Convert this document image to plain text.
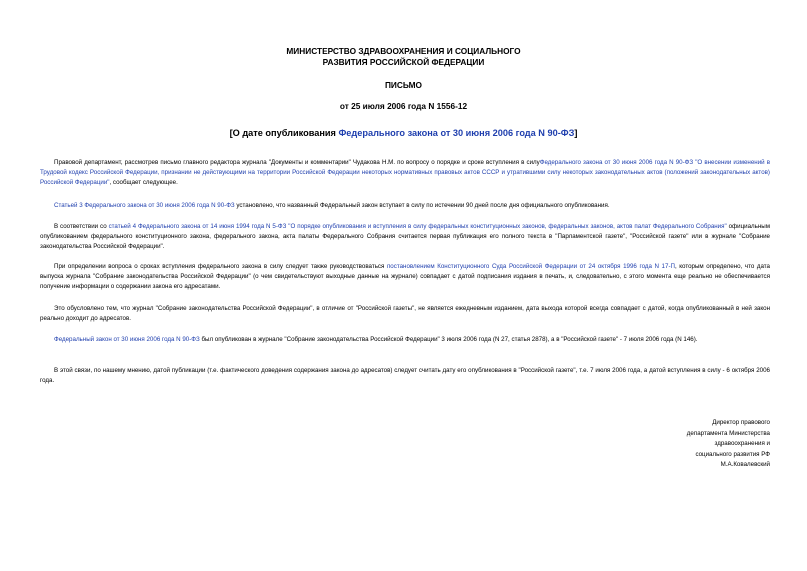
МИНИСТЕРСТВО ЗДРАВООХРАНЕНИЯ И СОЦИАЛЬНОГО
РАЗВИТИЯ РОССИЙСКОЙ ФЕДЕРАЦИИ
ПИСЬМО
от 25 июля 2006 года N 1556-12
[О дате опубликования Федерального закона от 30 июня 2006 года N 90-ФЗ]
Правовой департамент, рассмотрев письмо главного редактора журнала "Документы и комментарии" Чудакова Н.М. по вопросу о порядке и сроке вступления в силуФедерального закона от 30 июня 2006 года N 90-ФЗ "О внесении изменений в Трудовой кодекс Российской Федерации, признании не действующими на территории Российской Федерации некоторых нормативных правовых актов СССР и утратившими силу некоторых законодательных актов (положений законодательных актов) Российской Федерации", сообщает следующее.
Статьей 3 Федерального закона от 30 июня 2006 года N 90-ФЗ установлено, что названный Федеральный закон вступает в силу по истечении 90 дней после дня официального опубликования.
В соответствии со статьей 4 Федерального закона от 14 июня 1994 года N 5-ФЗ "О порядке опубликования и вступления в силу федеральных конституционных законов, федеральных законов, актов палат Федерального Собрания" официальным опубликованием федерального конституционного закона, федерального закона, акта палаты Федерального Собрания считается первая публикация его полного текста в "Парламентской газете", "Российской газете" или в журнале "Собрание законодательства Российской Федерации".
При определении вопроса о сроках вступления федерального закона в силу следует также руководствоваться постановлением Конституционного Суда Российской Федерации от 24 октября 1996 года N 17-П, которым определено, что дата выпуска журнала "Собрание законодательства Российской Федерации" (о чем свидетельствуют выходные данные на журнале) совпадает с датой подписания издания в печать, и, следовательно, с этого момента еще реально не обеспечивается получение информации о содержании закона его адресатами.
Это обусловлено тем, что журнал "Собрание законодательства Российской Федерации", в отличие от "Российской газеты", не является ежедневным изданием, дата выхода которой всегда совпадает с датой, когда опубликованный в ней закон реально доходит до адресатов.
Федеральный закон от 30 июня 2006 года N 90-ФЗ был опубликован в журнале "Собрание законодательства Российской Федерации" 3 июля 2006 года (N 27, статья 2878), а в "Российской газете" - 7 июля 2006 года (N 146).
В этой связи, по нашему мнению, датой публикации (т.е. фактического доведения содержания закона до адресатов) следует считать дату его опубликования в "Российской газете", т.е. 7 июля 2006 года, а датой вступления в силу - 6 октября 2006 года.
Директор правового
департамента Министерства
здравоохранения и
социального развития РФ
М.А.Ковалевский
